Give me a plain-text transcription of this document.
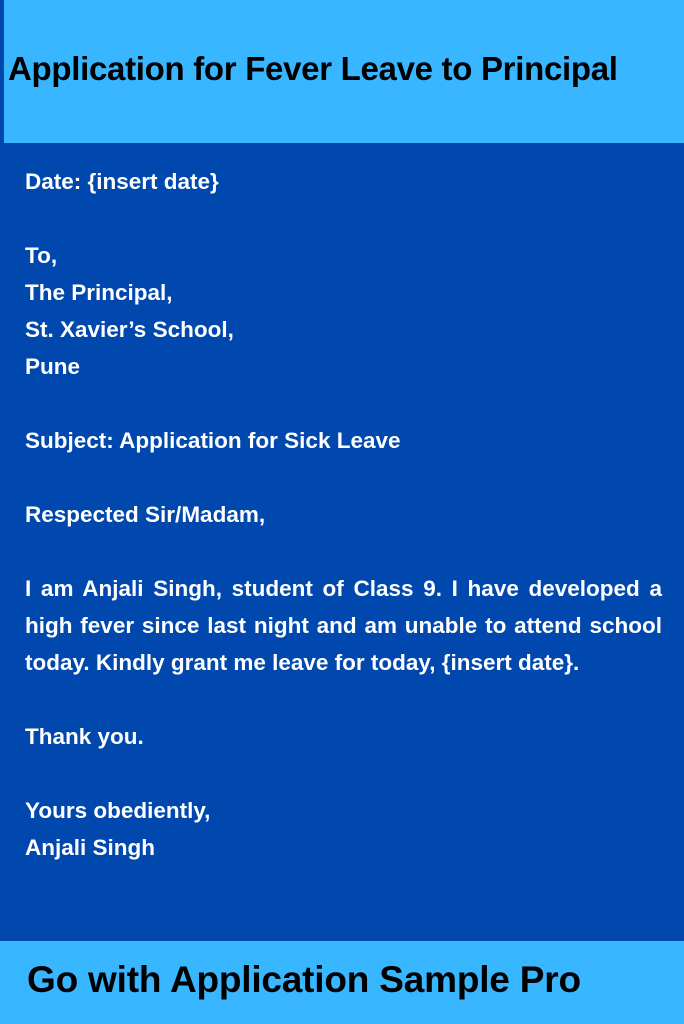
Application for Fever Leave to Principal
Date: {insert date}
To,
The Principal,
St. Xavier’s School,
Pune
Subject: Application for Sick Leave
Respected Sir/Madam,

I am Anjali Singh, student of Class 9. I have developed a high fever since last night and am unable to attend school today. Kindly grant me leave for today, {insert date}.

Thank you.
Yours obediently,
Anjali Singh

Go with Application Sample Pro
